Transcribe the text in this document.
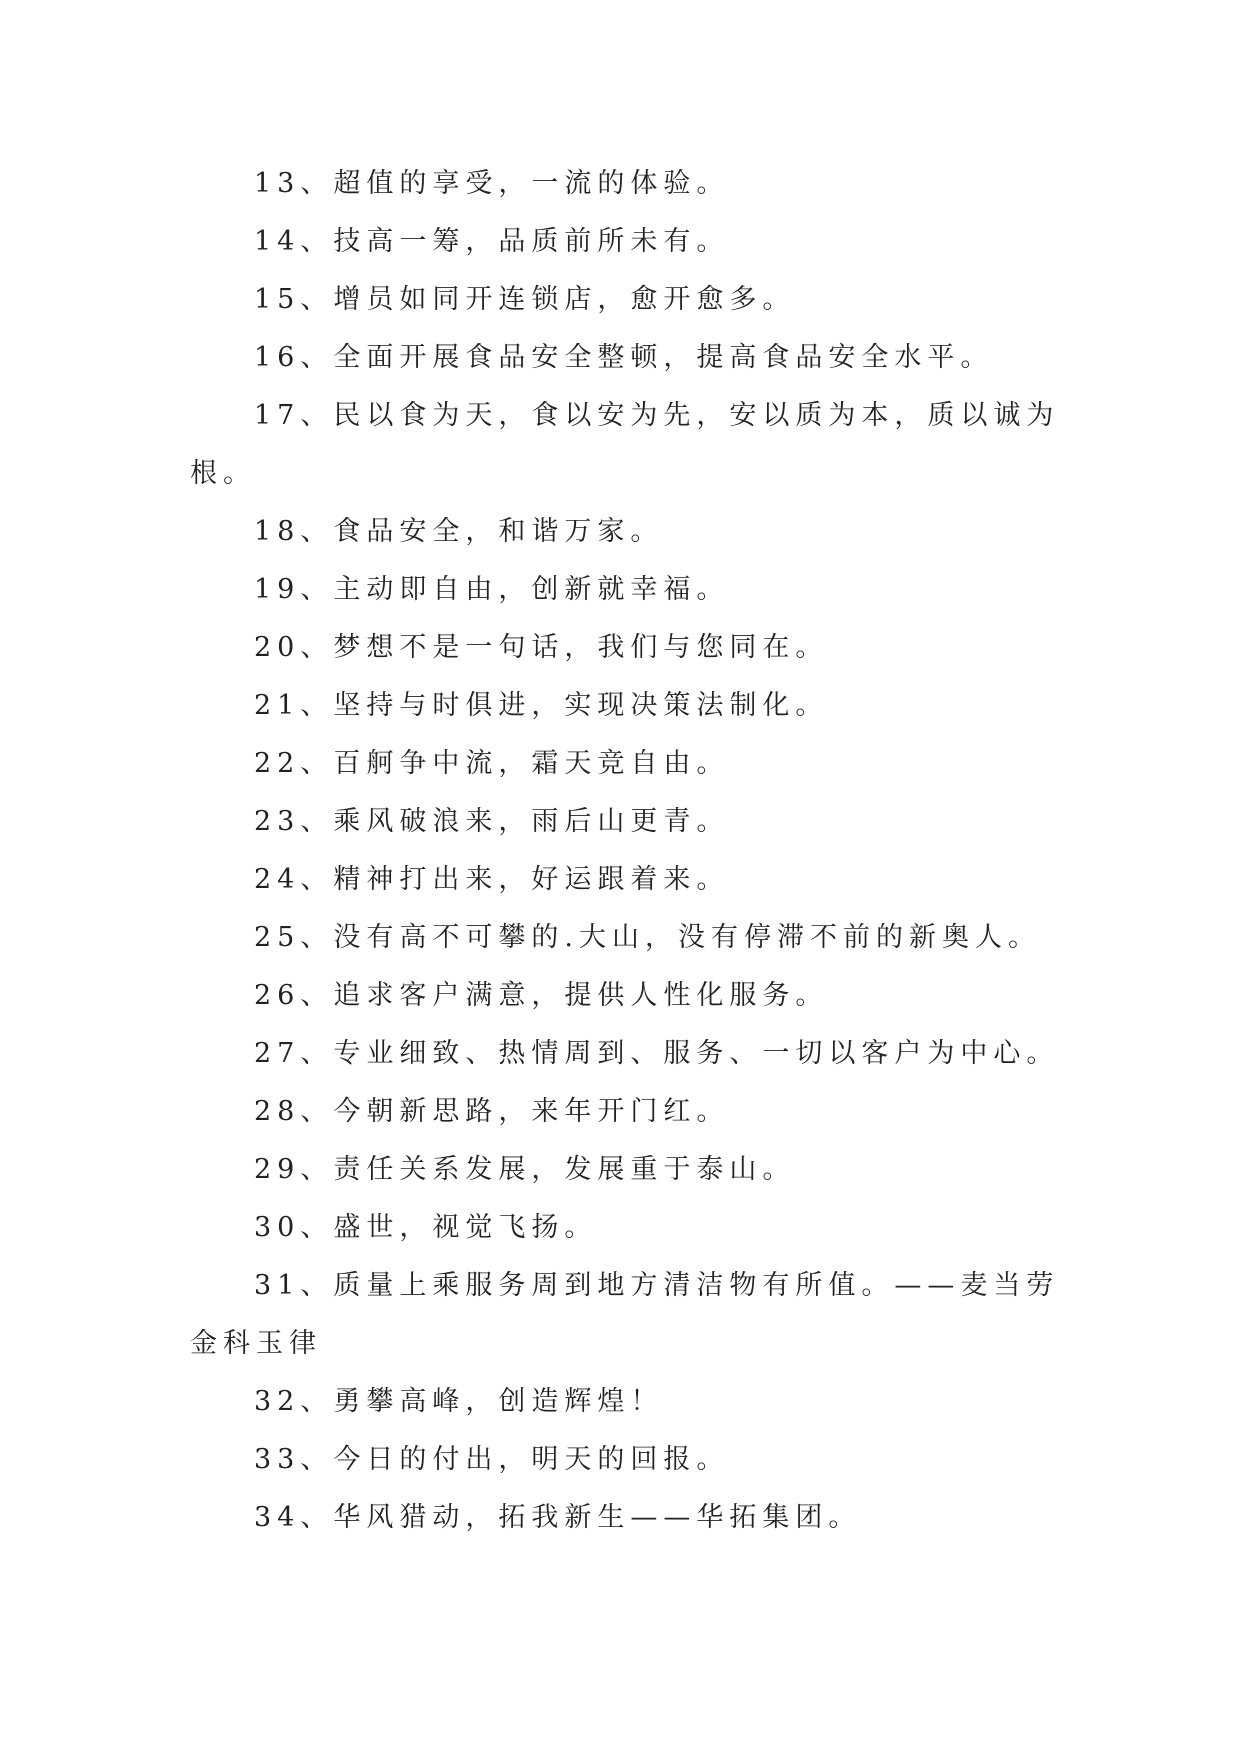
13、超值的享受，一流的体验。

14、技高一筹，品质前所未有。

15、增员如同开连锁店，愈开愈多。

16、全面开展食品安全整顿，提高食品安全水平。

17、民以食为天，食以安为先，安以质为本，质以诚为根。

18、食品安全，和谐万家。

19、主动即自由，创新就幸福。

20、梦想不是一句话，我们与您同在。

21、坚持与时俱进，实现决策法制化。

22、百舸争中流，霜天竞自由。

23、乘风破浪来，雨后山更青。

24、精神打出来，好运跟着来。

25、没有高不可攀的.大山，没有停滞不前的新奥人。

26、追求客户满意，提供人性化服务。

27、专业细致、热情周到、服务、一切以客户为中心。

28、今朝新思路，来年开门红。

29、责任关系发展，发展重于泰山。

30、盛世，视觉飞扬。

31、质量上乘服务周到地方清洁物有所值。——麦当劳金科玉律

32、勇攀高峰，创造辉煌！

33、今日的付出，明天的回报。

34、华风猎动，拓我新生——华拓集团。
